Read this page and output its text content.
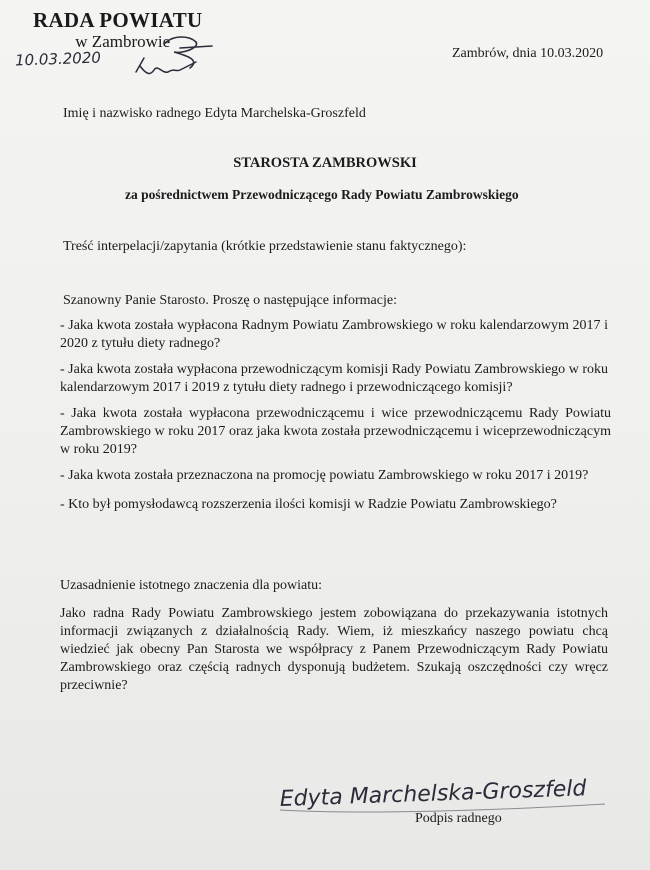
RADA POWIATU
w Zambrowie
10.03.2020	Zambrów, dnia 10.03.2020
Imię i nazwisko radnego Edyta Marchelska-Groszfeld
STAROSTA ZAMBROWSKI
za pośrednictwem Przewodniczącego Rady Powiatu Zambrowskiego
Treść interpelacji/zapytania (krótkie przedstawienie stanu faktycznego):
Szanowny Panie Starosto. Proszę o następujące informacje:
- Jaka kwota została wypłacona Radnym Powiatu Zambrowskiego w roku kalendarzowym 2017 i 2020 z tytułu diety radnego?
- Jaka kwota została wypłacona przewodniczącym komisji Rady Powiatu Zambrowskiego w roku kalendarzowym 2017 i 2019 z tytułu diety radnego i przewodniczącego komisji?
- Jaka kwota została wypłacona przewodniczącemu i wice przewodniczącemu Rady Powiatu Zambrowskiego w roku 2017 oraz jaka kwota została przewodniczącemu i wiceprzewodniczącym w roku 2019?
- Jaka kwota została przeznaczona na promocję powiatu Zambrowskiego w roku 2017 i 2019?
- Kto był pomysłodawcą rozszerzenia ilości komisji w Radzie Powiatu Zambrowskiego?
Uzasadnienie istotnego znaczenia dla powiatu:
Jako radna Rady Powiatu Zambrowskiego jestem zobowiązana do przekazywania istotnych informacji związanych z działalnością Rady. Wiem, iż mieszkańcy naszego powiatu chcą wiedzieć jak obecny Pan Starosta we współpracy z Panem Przewodniczącym Rady Powiatu Zambrowskiego oraz częścią radnych dysponują budżetem. Szukają oszczędności czy wręcz przeciwnie?
Edyta Marchelska-Groszfeld
Podpis radnego
